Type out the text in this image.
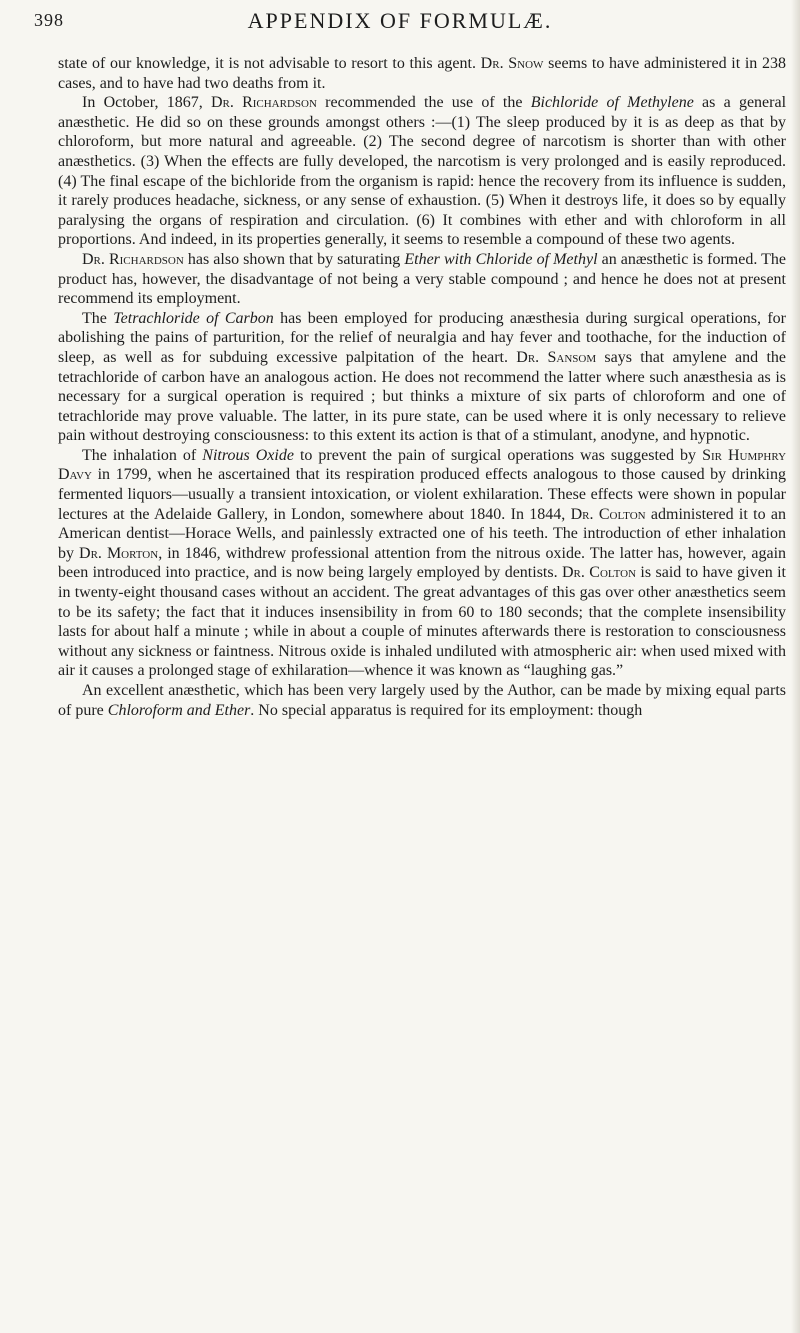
398	APPENDIX OF FORMULÆ.

state of our knowledge, it is not advisable to resort to this agent. Dr. Snow seems to have administered it in 238 cases, and to have had two deaths from it.

In October, 1867, Dr. Richardson recommended the use of the Bichloride of Methylene as a general anæsthetic. He did so on these grounds amongst others :—(1) The sleep produced by it is as deep as that by chloroform, but more natural and agreeable. (2) The second degree of narcotism is shorter than with other anæsthetics. (3) When the effects are fully developed, the narcotism is very prolonged and is easily reproduced. (4) The final escape of the bichloride from the organism is rapid: hence the recovery from its influence is sudden, it rarely produces headache, sickness, or any sense of exhaustion. (5) When it destroys life, it does so by equally paralysing the organs of respiration and circulation. (6) It combines with ether and with chloroform in all proportions. And indeed, in its properties generally, it seems to resemble a compound of these two agents.

Dr. Richardson has also shown that by saturating Ether with Chloride of Methyl an anæsthetic is formed. The product has, however, the disadvantage of not being a very stable compound ; and hence he does not at present recommend its employment.

The Tetrachloride of Carbon has been employed for producing anæsthesia during surgical operations, for abolishing the pains of parturition, for the relief of neuralgia and hay fever and toothache, for the induction of sleep, as well as for subduing excessive palpitation of the heart. Dr. Sansom says that amylene and the tetrachloride of carbon have an analogous action. He does not recommend the latter where such anæsthesia as is necessary for a surgical operation is required ; but thinks a mixture of six parts of chloroform and one of tetrachloride may prove valuable. The latter, in its pure state, can be used where it is only necessary to relieve pain without destroying consciousness: to this extent its action is that of a stimulant, anodyne, and hypnotic.

The inhalation of Nitrous Oxide to prevent the pain of surgical operations was suggested by Sir Humphry Davy in 1799, when he ascertained that its respiration produced effects analogous to those caused by drinking fermented liquors—usually a transient intoxication, or violent exhilaration. These effects were shown in popular lectures at the Adelaide Gallery, in London, somewhere about 1840. In 1844, Dr. Colton administered it to an American dentist—Horace Wells, and painlessly extracted one of his teeth. The introduction of ether inhalation by Dr. Morton, in 1846, withdrew professional attention from the nitrous oxide. The latter has, however, again been introduced into practice, and is now being largely employed by dentists. Dr. Colton is said to have given it in twenty-eight thousand cases without an accident. The great advantages of this gas over other anæsthetics seem to be its safety; the fact that it induces insensibility in from 60 to 180 seconds; that the complete insensibility lasts for about half a minute ; while in about a couple of minutes afterwards there is restoration to consciousness without any sickness or faintness. Nitrous oxide is inhaled undiluted with atmospheric air: when used mixed with air it causes a prolonged stage of exhilaration—whence it was known as “laughing gas.”

An excellent anæsthetic, which has been very largely used by the Author, can be made by mixing equal parts of pure Chloroform and Ether. No special apparatus is required for its employment: though
